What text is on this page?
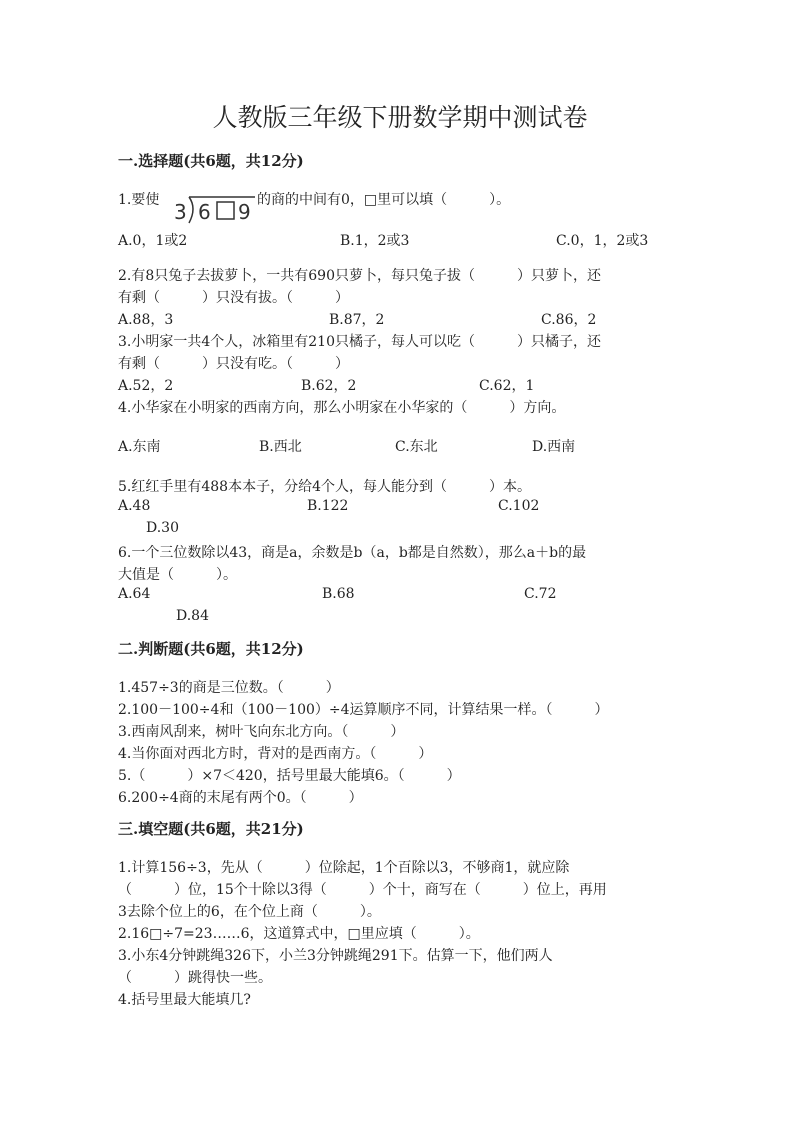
人教版三年级下册数学期中测试卷
一.选择题(共6题，共12分)
1.要使 3 6 9 的商的中间有0，□里可以填（　　　）。
A.0，1或2	B.1，2或3	C.0，1，2或3
2.有8只兔子去拔萝卜，一共有690只萝卜，每只兔子拔（　　　）只萝卜，还
有剩（　　　）只没有拔。（　　　）
A.88，3	B.87，2	C.86，2
3.小明家一共4个人，冰箱里有210只橘子，每人可以吃（　　　）只橘子，还
有剩（　　　）只没有吃。（　　　）
A.52，2	B.62，2	C.62，1
4.小华家在小明家的西南方向，那么小明家在小华家的（　　　）方向。
A.东南	B.西北	C.东北	D.西南
5.红红手里有488本本子，分给4个人，每人能分到（　　　）本。
A.48	B.122	C.102
D.30
6.一个三位数除以43，商是a，余数是b（a，b都是自然数），那么a＋b的最
大值是（　　　）。
A.64	B.68	C.72
D.84
二.判断题(共6题，共12分)
1.457÷3的商是三位数。（　　　）
2.100－100÷4和（100－100）÷4运算顺序不同，计算结果一样。（　　　）
3.西南风刮来，树叶飞向东北方向。（　　　）
4.当你面对西北方时，背对的是西南方。（　　　）
5.（　　　）×7＜420，括号里最大能填6。（　　　）
6.200÷4商的末尾有两个0。（　　　）
三.填空题(共6题，共21分)
1.计算156÷3，先从（　　　）位除起，1个百除以3，不够商1，就应除
（　　　）位，15个十除以3得（　　　）个十，商写在（　　　）位上，再用
3去除个位上的6，在个位上商（　　　）。
2.16□÷7=23……6，这道算式中，□里应填（　　　）。
3.小东4分钟跳绳326下，小兰3分钟跳绳291下。估算一下，他们两人
（　　　）跳得快一些。
4.括号里最大能填几?
